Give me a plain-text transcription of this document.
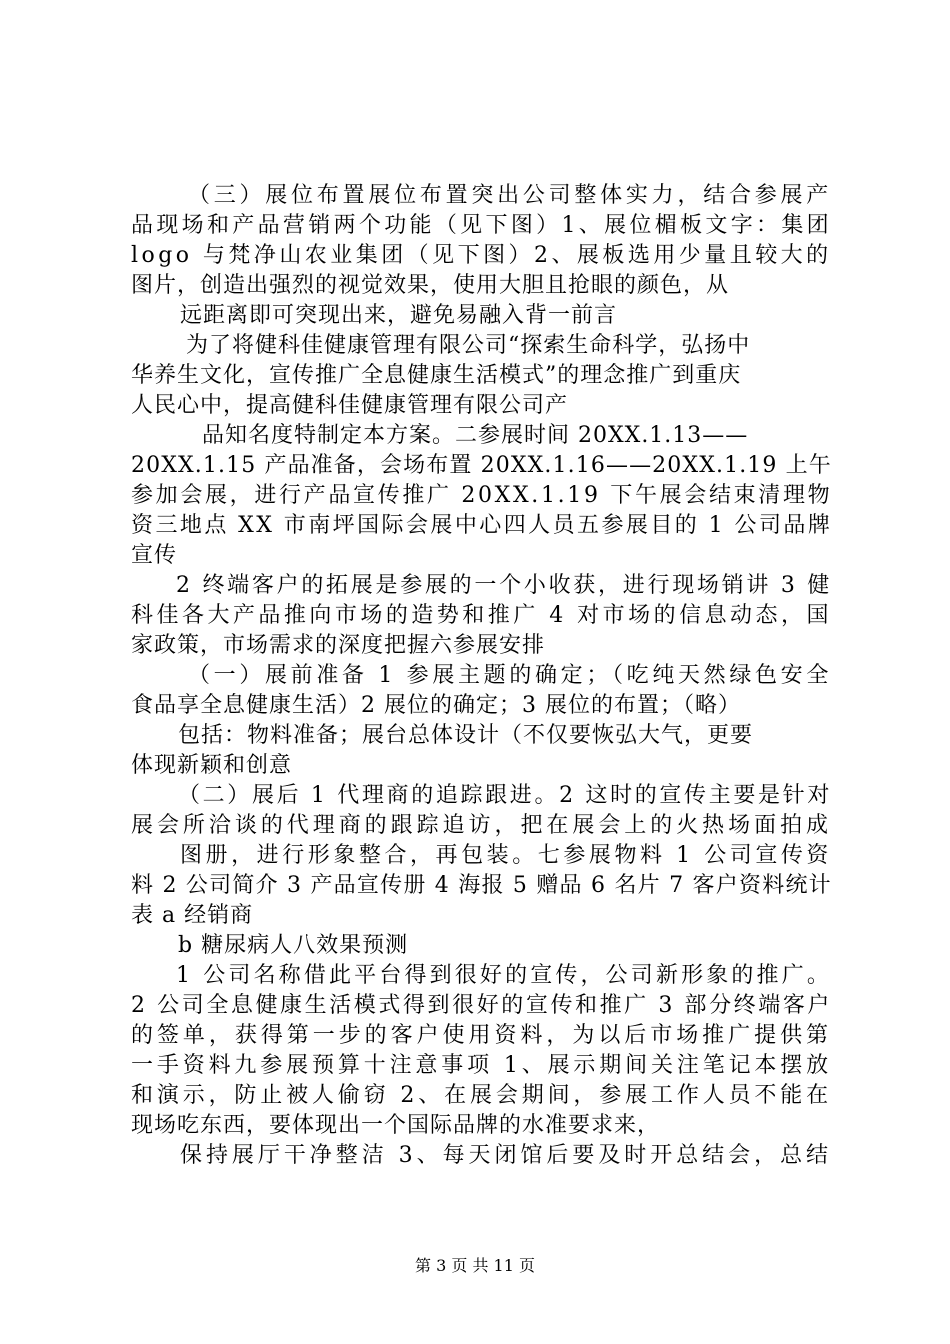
（三）展位布置展位布置突出公司整体实力，结合参展产
品现场和产品营销两个功能（见下图）1、展位楣板文字：集团
logo 与梵净山农业集团（见下图）2、展板选用少量且较大的
图片，创造出强烈的视觉效果，使用大胆且抢眼的颜色，从
远距离即可突现出来，避免易融入背一前言
为了将健科佳健康管理有限公司“探索生命科学，弘扬中
华养生文化，宣传推广全息健康生活模式”的理念推广到重庆
人民心中，提高健科佳健康管理有限公司产
品知名度特制定本方案。二参展时间 20XX.1.13——
20XX.1.15 产品准备，会场布置 20XX.1.16——20XX.1.19 上午
参加会展，进行产品宣传推广 20XX.1.19 下午展会结束清理物
资三地点 XX 市南坪国际会展中心四人员五参展目的 1 公司品牌
宣传
2 终端客户的拓展是参展的一个小收获，进行现场销讲 3 健
科佳各大产品推向市场的造势和推广 4 对市场的信息动态，国
家政策，市场需求的深度把握六参展安排
（一）展前准备 1 参展主题的确定；（吃纯天然绿色安全
食品享全息健康生活）2 展位的确定；3 展位的布置；（略）
包括：物料准备；展台总体设计（不仅要恢弘大气，更要
体现新颖和创意
（二）展后 1 代理商的追踪跟进。2 这时的宣传主要是针对
展会所洽谈的代理商的跟踪追访，把在展会上的火热场面拍成
图册，进行形象整合，再包装。七参展物料 1 公司宣传资
料 2 公司简介 3 产品宣传册 4 海报 5 赠品 6 名片 7 客户资料统计
表 a 经销商
b 糖尿病人八效果预测
1 公司名称借此平台得到很好的宣传，公司新形象的推广。
2 公司全息健康生活模式得到很好的宣传和推广 3 部分终端客户
的签单，获得第一步的客户使用资料，为以后市场推广提供第
一手资料九参展预算十注意事项 1、展示期间关注笔记本摆放
和演示，防止被人偷窃 2、在展会期间，参展工作人员不能在
现场吃东西，要体现出一个国际品牌的水准要求来，
保持展厅干净整洁 3、每天闭馆后要及时开总结会，总结
第 3 页 共 11 页
